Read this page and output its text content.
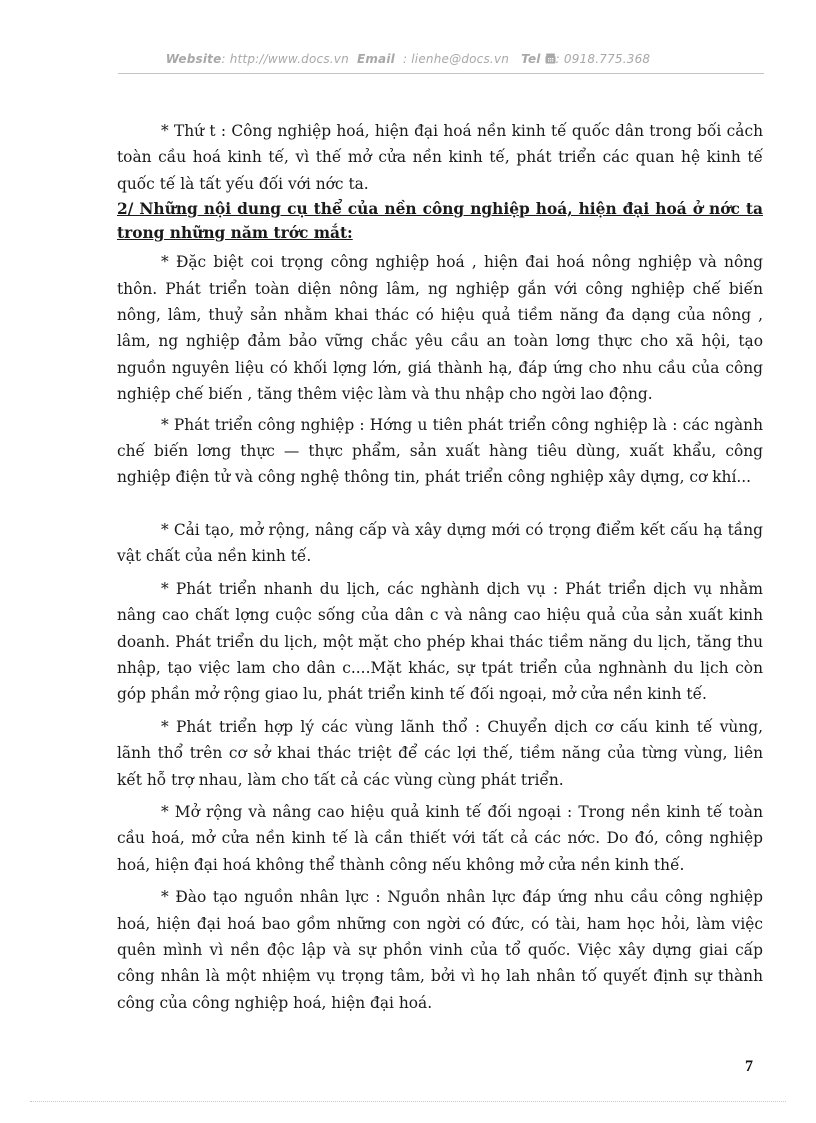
Website: http://www.docs.vn Email : lienhe@docs.vn Tel : 0918.775.368

* Thứ t : Công nghiệp hoá, hiện đại hoá nền kinh tế quốc dân trong bối cảch toàn cầu hoá kinh tế, vì thế mở cửa nền kinh tế, phát triển các quan hệ kinh tế quốc tế là tất yếu đối với nớc ta.

2/ Những nội dung cụ thể của nền công nghiệp hoá, hiện đại hoá ở nớc ta trong những năm trớc mắt:

* Đặc biệt coi trọng công nghiệp hoá , hiện đai hoá nông nghiệp và nông thôn. Phát triển toàn diện nông lâm, ng nghiệp gắn với công nghiệp chế biến nông, lâm, thuỷ sản nhằm khai thác có hiệu quả tiềm năng đa dạng của nông , lâm, ng nghiệp đảm bảo vững chắc yêu cầu an toàn lơng thực cho xã hội, tạo nguồn nguyên liệu có khối lợng lớn, giá thành hạ, đáp ứng cho nhu cầu của công nghiệp chế biến , tăng thêm việc làm và thu nhập cho ngời lao động.

* Phát triển công nghiệp : Hớng u tiên phát triển công nghiệp là : các ngành chế biến lơng thực — thực phẩm, sản xuất hàng tiêu dùng, xuất khẩu, công nghiệp điện tử và công nghệ thông tin, phát triển công nghiệp xây dựng, cơ khí...

* Cải tạo, mở rộng, nâng cấp và xây dựng mới có trọng điểm kết cấu hạ tầng vật chất của nền kinh tế.

* Phát triển nhanh du lịch, các nghành dịch vụ : Phát triển dịch vụ nhằm nâng cao chất lợng cuộc sống của dân c và nâng cao hiệu quả của sản xuất kinh doanh. Phát triển du lịch, một mặt cho phép khai thác tiềm năng du lịch, tăng thu nhập, tạo việc lam cho dân c....Mặt khác, sự tpát triển của nghnành du lịch còn góp phần mở rộng giao lu, phát triển kinh tế đối ngoại, mở cửa nền kinh tế.

* Phát triển hợp lý các vùng lãnh thổ : Chuyển dịch cơ cấu kinh tế vùng, lãnh thổ trên cơ sở khai thác triệt để các lợi thế, tiềm năng của từng vùng, liên kết hỗ trợ nhau, làm cho tất cả các vùng cùng phát triển.

* Mở rộng và nâng cao hiệu quả kinh tế đối ngoại : Trong nền kinh tế toàn cầu hoá, mở cửa nền kinh tế là cần thiết với tất cả các nớc. Do đó, công nghiệp hoá, hiện đại hoá không thể thành công nếu không mở cửa nền kinh thế.

* Đào tạo nguồn nhân lực : Nguồn nhân lực đáp ứng nhu cầu công nghiệp hoá, hiện đại hoá bao gồm những con ngời có đức, có tài, ham học hỏi, làm việc quên mình vì nền độc lập và sự phồn vinh của tổ quốc. Việc xây dựng giai cấp công nhân là một nhiệm vụ trọng tâm, bởi vì họ lah nhân tố quyết định sự thành công của công nghiệp hoá, hiện đại hoá.

7
